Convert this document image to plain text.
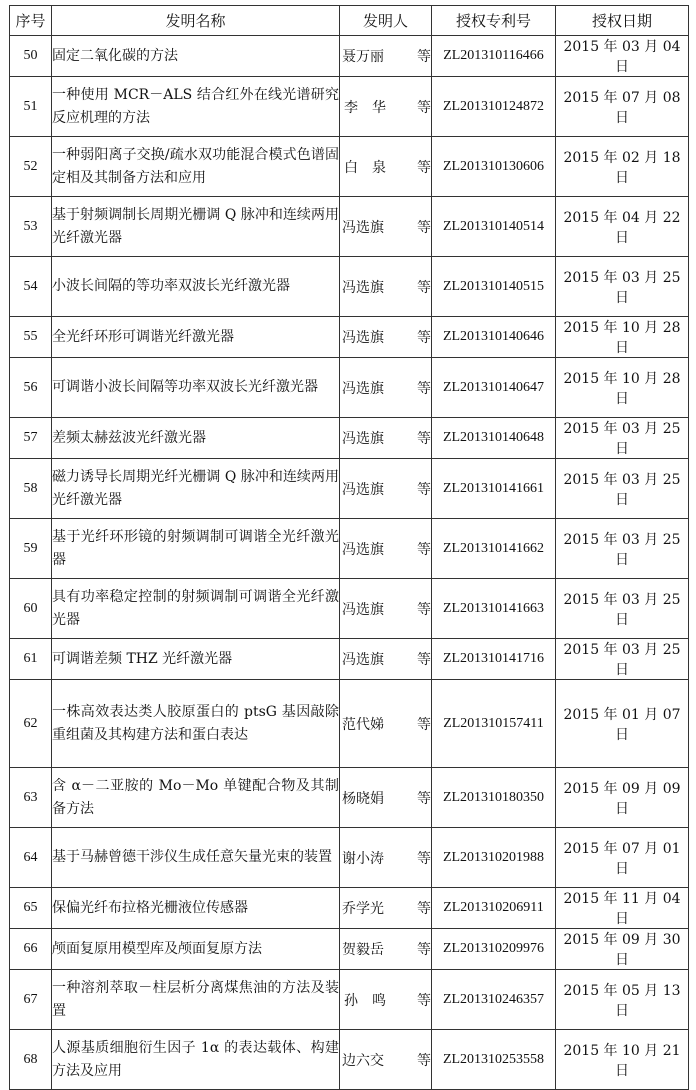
序号	发明名称	发明人	授权专利号	授权日期
50	固定二氧化碳的方法	聂万丽 等	ZL201310116466	2015 年 03 月 04 日
51	一种使用 MCR－ALS 结合红外在线光谱研究反应机理的方法	李华 等	ZL201310124872	2015 年 07 月 08 日
52	一种弱阳离子交换/疏水双功能混合模式色谱固定相及其制备方法和应用	白泉 等	ZL201310130606	2015 年 02 月 18 日
53	基于射频调制长周期光栅调 Q 脉冲和连续两用光纤激光器	冯选旗 等	ZL201310140514	2015 年 04 月 22 日
54	小波长间隔的等功率双波长光纤激光器	冯选旗 等	ZL201310140515	2015 年 03 月 25 日
55	全光纤环形可调谐光纤激光器	冯选旗 等	ZL201310140646	2015 年 10 月 28 日
56	可调谐小波长间隔等功率双波长光纤激光器	冯选旗 等	ZL201310140647	2015 年 10 月 28 日
57	差频太赫兹波光纤激光器	冯选旗 等	ZL201310140648	2015 年 03 月 25 日
58	磁力诱导长周期光纤光栅调 Q 脉冲和连续两用光纤激光器	冯选旗 等	ZL201310141661	2015 年 03 月 25 日
59	基于光纤环形镜的射频调制可调谐全光纤激光器	冯选旗 等	ZL201310141662	2015 年 03 月 25 日
60	具有功率稳定控制的射频调制可调谐全光纤激光器	冯选旗 等	ZL201310141663	2015 年 03 月 25 日
61	可调谐差频 THZ 光纤激光器	冯选旗 等	ZL201310141716	2015 年 03 月 25 日
62	一株高效表达类人胶原蛋白的 ptsG 基因敲除重组菌及其构建方法和蛋白表达	范代娣 等	ZL201310157411	2015 年 01 月 07 日
63	含 α－二亚胺的 Mo－Mo 单键配合物及其制备方法	杨晓娟 等	ZL201310180350	2015 年 09 月 09 日
64	基于马赫曾德干涉仪生成任意矢量光束的装置	谢小涛 等	ZL201310201988	2015 年 07 月 01 日
65	保偏光纤布拉格光栅液位传感器	乔学光 等	ZL201310206911	2015 年 11 月 04 日
66	颅面复原用模型库及颅面复原方法	贺毅岳 等	ZL201310209976	2015 年 09 月 30 日
67	一种溶剂萃取－柱层析分离煤焦油的方法及装置	孙鸣 等	ZL201310246357	2015 年 05 月 13 日
68	人源基质细胞衍生因子 1α 的表达载体、构建方法及应用	边六交 等	ZL201310253558	2015 年 10 月 21 日
